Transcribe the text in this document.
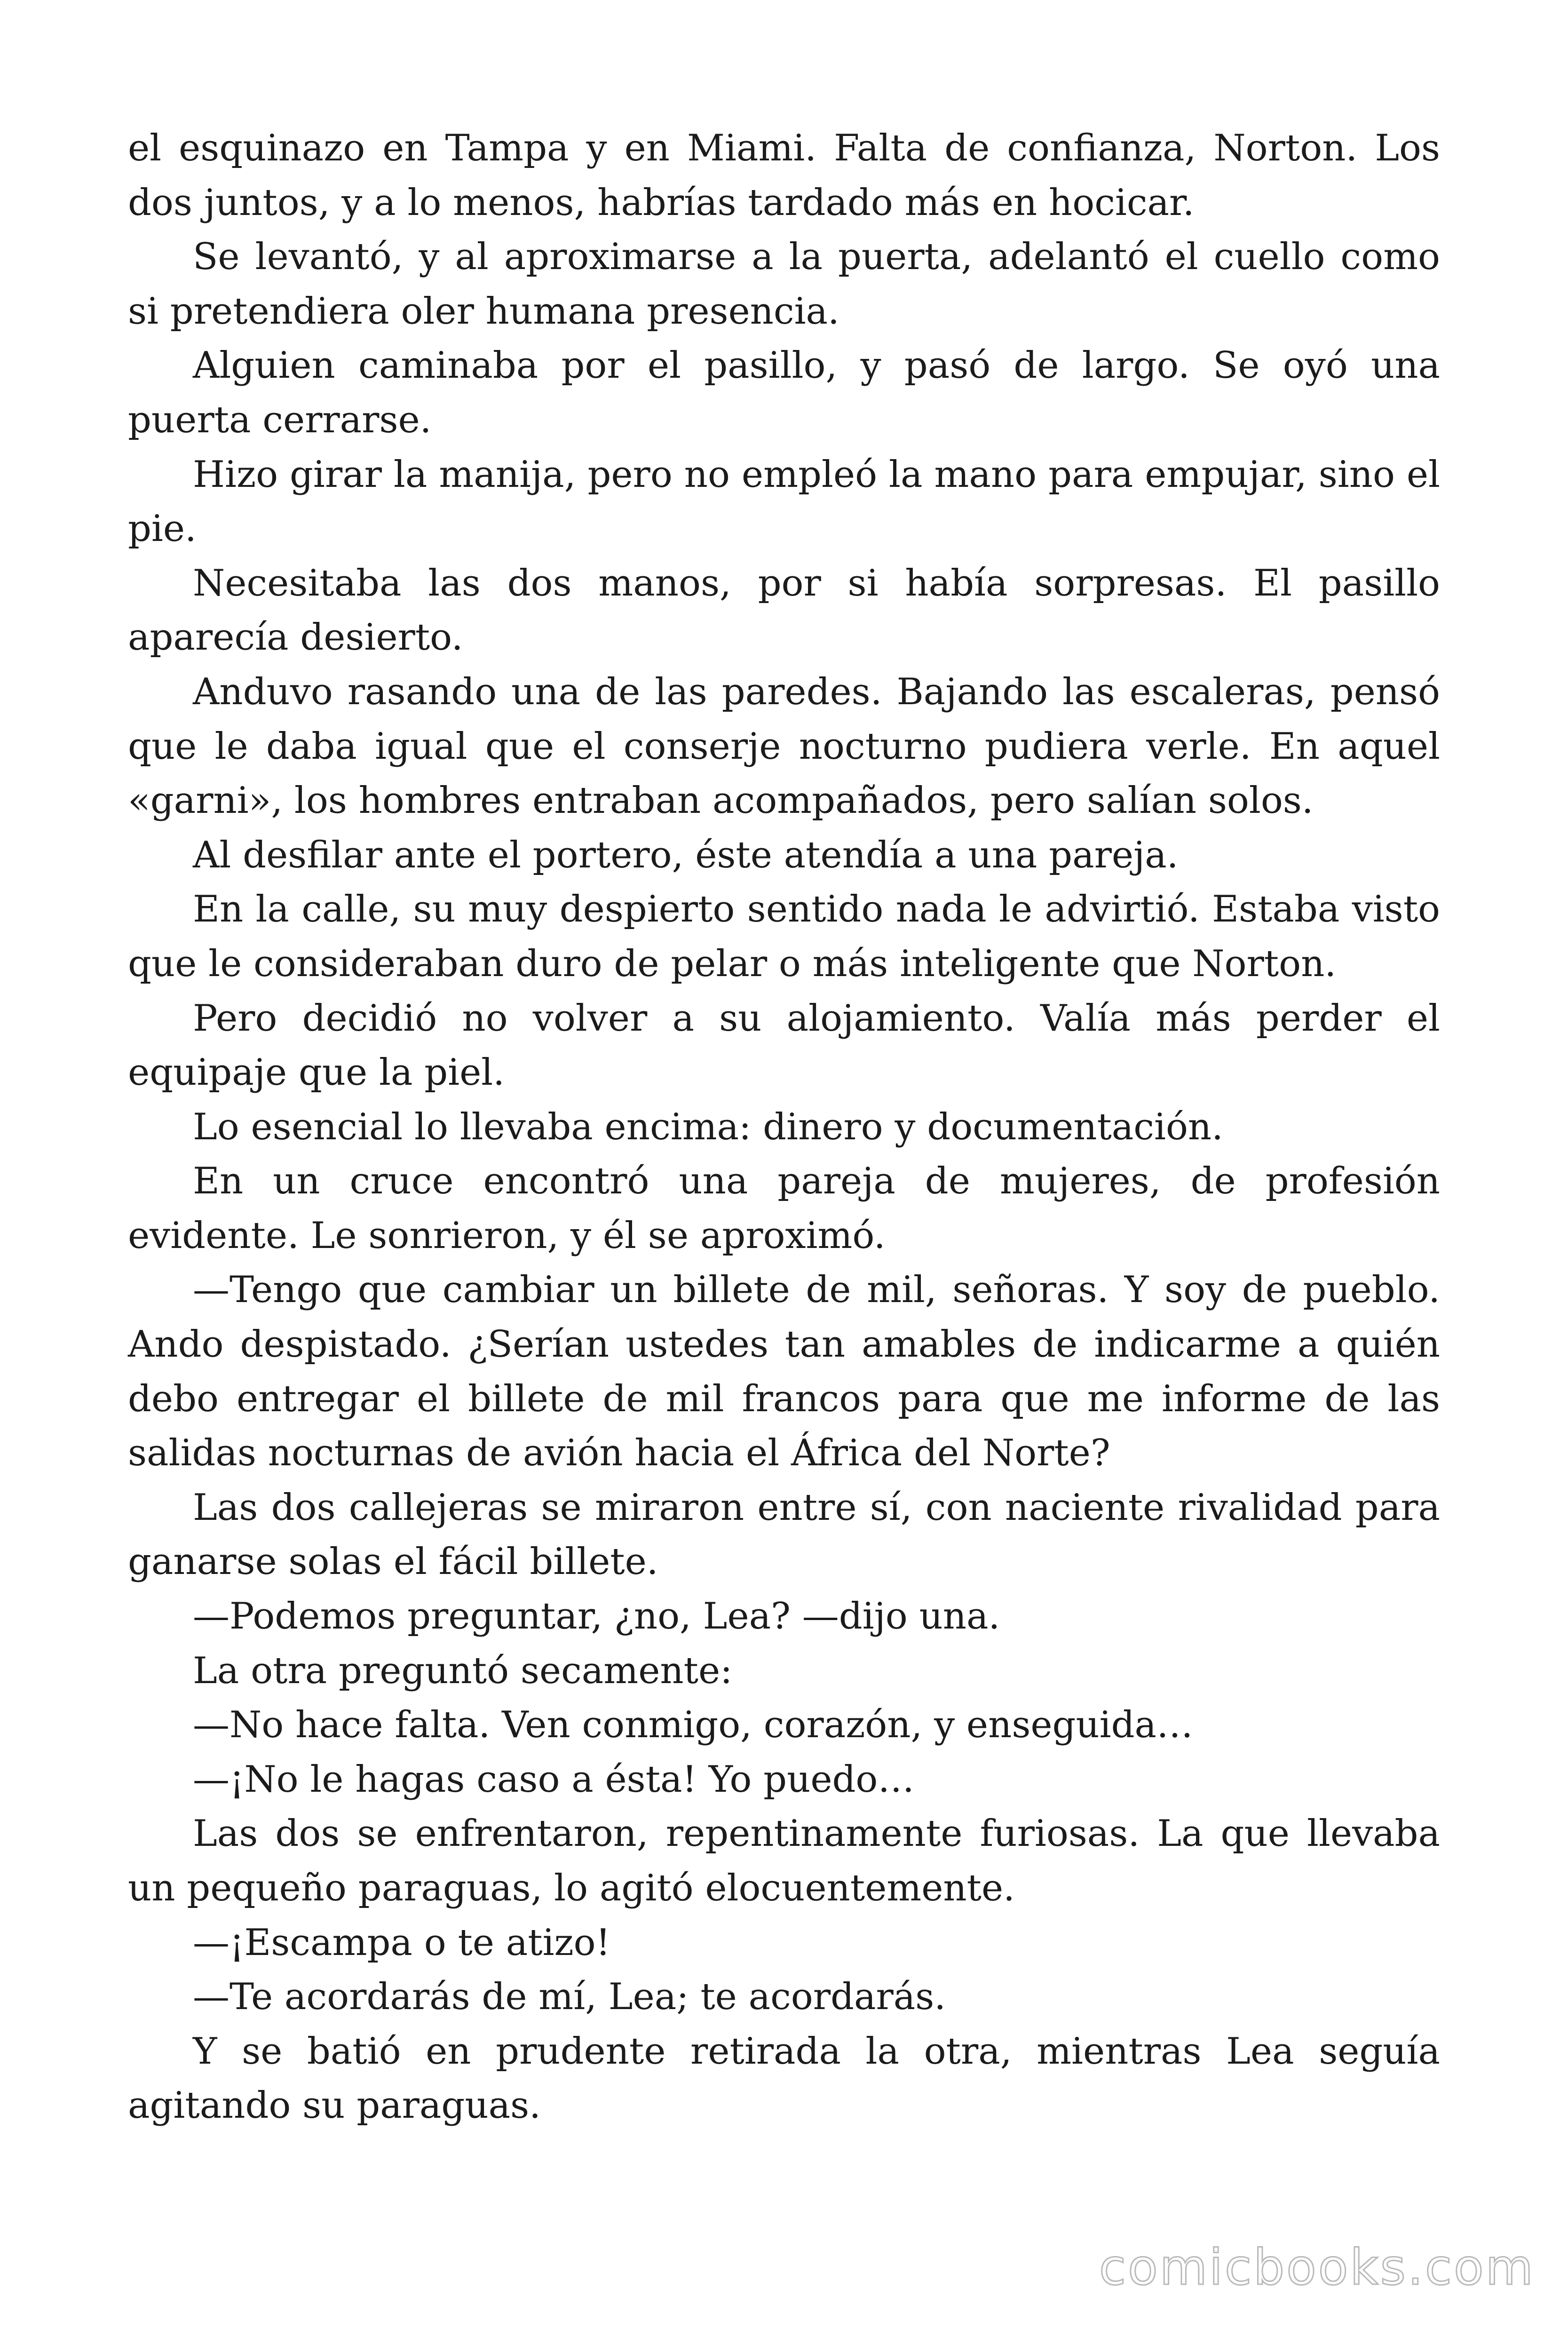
el esquinazo en Tampa y en Miami. Falta de confianza, Norton. Los dos juntos, y a lo menos, habrías tardado más en hocicar.

Se levantó, y al aproximarse a la puerta, adelantó el cuello como si pretendiera oler humana presencia.

Alguien caminaba por el pasillo, y pasó de largo. Se oyó una puerta cerrarse.

Hizo girar la manija, pero no empleó la mano para empujar, sino el pie.

Necesitaba las dos manos, por si había sorpresas. El pasillo aparecía desierto.

Anduvo rasando una de las paredes. Bajando las escaleras, pensó que le daba igual que el conserje nocturno pudiera verle. En aquel «garni», los hombres entraban acompañados, pero salían solos.

Al desfilar ante el portero, éste atendía a una pareja.

En la calle, su muy despierto sentido nada le advirtió. Estaba visto que le consideraban duro de pelar o más inteligente que Norton.

Pero decidió no volver a su alojamiento. Valía más perder el equipaje que la piel.

Lo esencial lo llevaba encima: dinero y documentación.

En un cruce encontró una pareja de mujeres, de profesión evidente. Le sonrieron, y él se aproximó.

—Tengo que cambiar un billete de mil, señoras. Y soy de pueblo. Ando despistado. ¿Serían ustedes tan amables de indicarme a quién debo entregar el billete de mil francos para que me informe de las salidas nocturnas de avión hacia el África del Norte?

Las dos callejeras se miraron entre sí, con naciente rivalidad para ganarse solas el fácil billete.

—Podemos preguntar, ¿no, Lea? —dijo una.

La otra preguntó secamente:

—No hace falta. Ven conmigo, corazón, y enseguida…

—¡No le hagas caso a ésta! Yo puedo…

Las dos se enfrentaron, repentinamente furiosas. La que llevaba un pequeño paraguas, lo agitó elocuentemente.

—¡Escampa o te atizo!

—Te acordarás de mí, Lea; te acordarás.

Y se batió en prudente retirada la otra, mientras Lea seguía agitando su paraguas.

comicbooks.com
